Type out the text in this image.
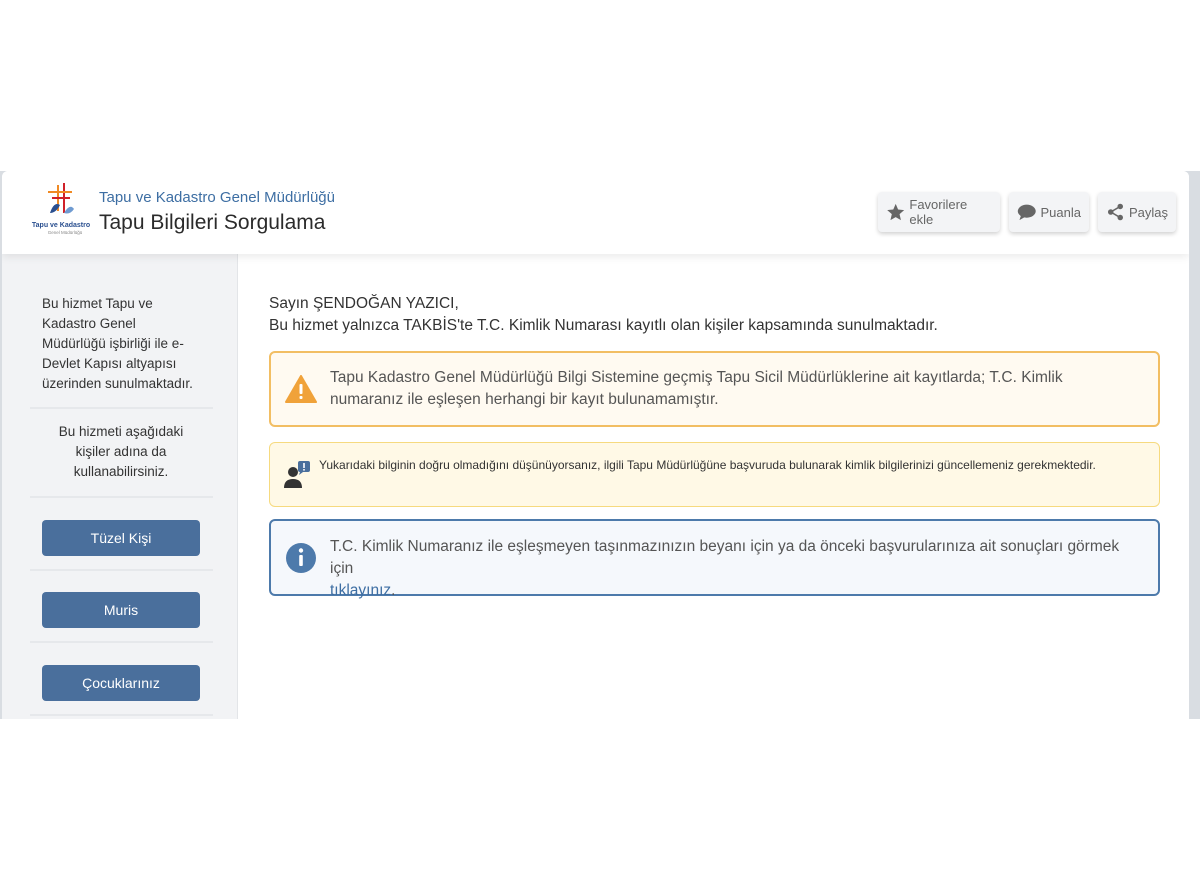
Tapu ve Kadastro
Genel Müdürlüğü
Tapu ve Kadastro Genel Müdürlüğü
Tapu Bilgileri Sorgulama
Favorilere ekle	Puanla	Paylaş
Bu hizmet Tapu ve Kadastro Genel Müdürlüğü işbirliği ile e-Devlet Kapısı altyapısı üzerinden sunulmaktadır.
Bu hizmeti aşağıdaki kişiler adına da kullanabilirsiniz.
Tüzel Kişi
Muris
Çocuklarınız
Sayın ŞENDOĞAN YAZICI,
Bu hizmet yalnızca TAKBİS'te T.C. Kimlik Numarası kayıtlı olan kişiler kapsamında sunulmaktadır.
Tapu Kadastro Genel Müdürlüğü Bilgi Sistemine geçmiş Tapu Sicil Müdürlüklerine ait kayıtlarda; T.C. Kimlik numaranız ile eşleşen herhangi bir kayıt bulunamamıştır.
Yukarıdaki bilginin doğru olmadığını düşünüyorsanız, ilgili Tapu Müdürlüğüne başvuruda bulunarak kimlik bilgilerinizi güncellemeniz gerekmektedir.
T.C. Kimlik Numaranız ile eşleşmeyen taşınmazınızın beyanı için ya da önceki başvurularınıza ait sonuçları görmek için
tıklayınız.
